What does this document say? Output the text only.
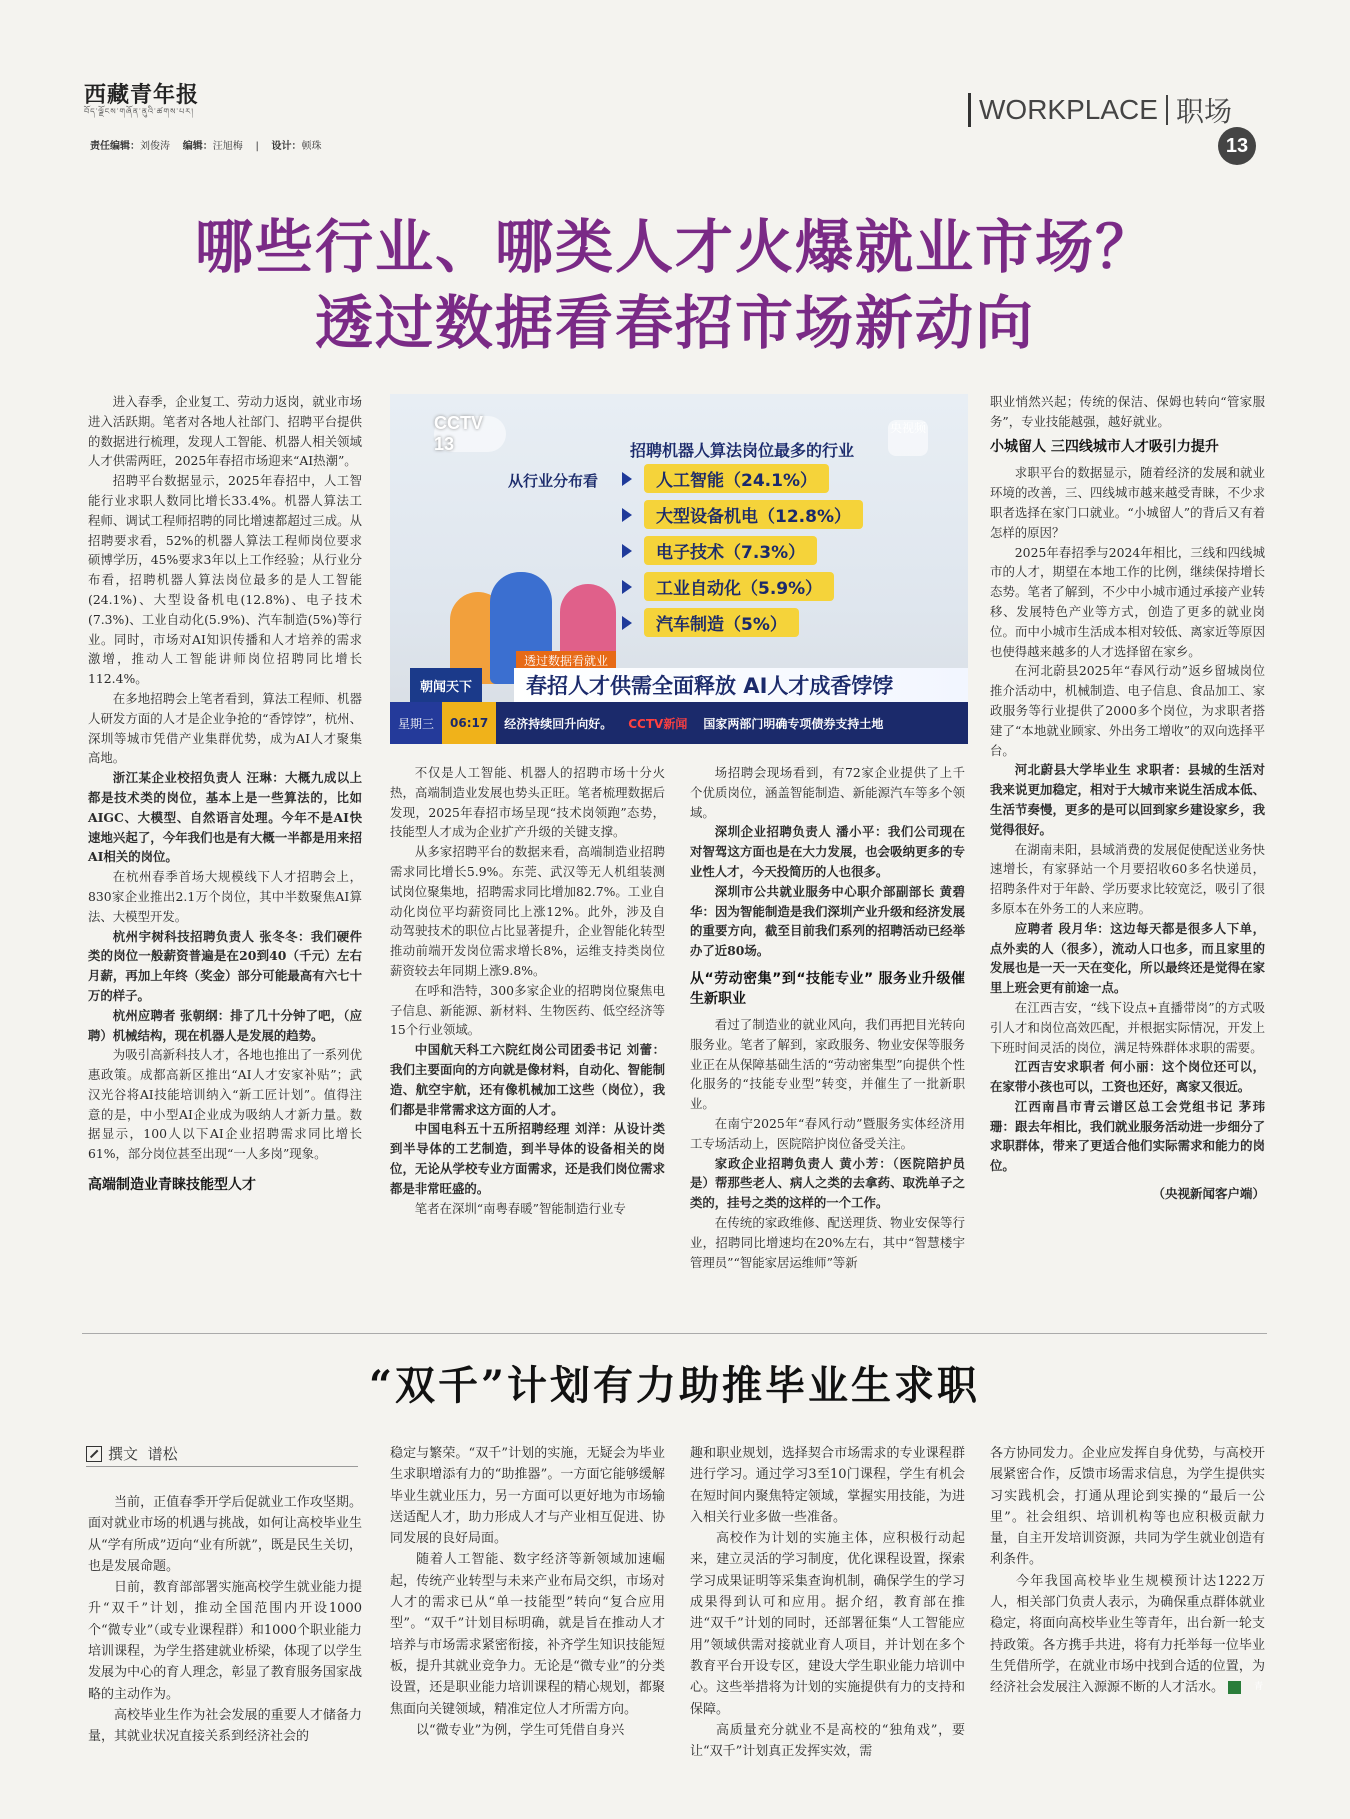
西藏青年报
བོད་ལྗོངས་གཞོན་ནུའི་ཚགས་པར།
责任编辑：刘俊涛 编辑：汪旭梅 | 设计：顿珠
WORKPLACE 职场
13
哪些行业、哪类人才火爆就业市场？
透过数据看春招市场新动向

进入春季，企业复工、劳动力返岗，就业市场进入活跃期。笔者对各地人社部门、招聘平台提供的数据进行梳理，发现人工智能、机器人相关领域人才供需两旺，2025年春招市场迎来“AI热潮”。

招聘平台数据显示，2025年春招中，人工智能行业求职人数同比增长33.4%。机器人算法工程师、调试工程师招聘的同比增速都超过三成。从招聘要求看，52%的机器人算法工程师岗位要求硕博学历，45%要求3年以上工作经验；从行业分布看，招聘机器人算法岗位最多的是人工智能(24.1%)、大型设备机电(12.8%)、电子技术(7.3%)、工业自动化(5.9%)、汽车制造(5%)等行业。同时，市场对AI知识传播和人才培养的需求激增，推动人工智能讲师岗位招聘同比增长112.4%。

在多地招聘会上笔者看到，算法工程师、机器人研发方面的人才是企业争抢的“香饽饽”，杭州、深圳等城市凭借产业集群优势，成为AI人才聚集高地。

浙江某企业校招负责人 汪琳：大概九成以上都是技术类的岗位，基本上是一些算法的，比如AIGC、大模型、自然语言处理。今年不是AI快速地兴起了，今年我们也是有大概一半都是用来招AI相关的岗位。

在杭州春季首场大规模线下人才招聘会上，830家企业推出2.1万个岗位，其中半数聚焦AI算法、大模型开发。

杭州宇树科技招聘负责人 张冬冬：我们硬件类的岗位一般薪资普遍是在20到40（千元）左右月薪，再加上年终（奖金）部分可能最高有六七十万的样子。

杭州应聘者 张朝纲：排了几十分钟了吧，（应聘）机械结构，现在机器人是发展的趋势。

为吸引高新科技人才，各地也推出了一系列优惠政策。成都高新区推出“AI人才安家补贴”；武汉光谷将AI技能培训纳入“新工匠计划”。值得注意的是，中小型AI企业成为吸纳人才新力量。数据显示，100人以下AI企业招聘需求同比增长61%，部分岗位甚至出现“一人多岗”现象。

高端制造业青睐技能型人才
CCTV 13
央视频
招聘机器人算法岗位最多的行业
从行业分布看	人工智能（24.1%）
大型设备机电（12.8%）
电子技术（7.3%）
工业自动化（5.9%）
汽车制造（5%）
透过数据看就业
朝闻天下	春招人才供需全面释放 AI人才成香饽饽
星期三	06:17	经济持续回升向好。	CCTV新闻	国家两部门明确专项债券支持土地

不仅是人工智能、机器人的招聘市场十分火热，高端制造业发展也势头正旺。笔者梳理数据后发现，2025年春招市场呈现“技术岗领跑”态势，技能型人才成为企业扩产升级的关键支撑。

从多家招聘平台的数据来看，高端制造业招聘需求同比增长5.9%。东莞、武汉等无人机组装测试岗位聚集地，招聘需求同比增加82.7%。工业自动化岗位平均薪资同比上涨12%。此外，涉及自动驾驶技术的职位占比显著提升，企业智能化转型推动前端开发岗位需求增长8%，运维支持类岗位薪资较去年同期上涨9.8%。

在呼和浩特，300多家企业的招聘岗位聚焦电子信息、新能源、新材料、生物医药、低空经济等15个行业领域。

中国航天科工六院红岗公司团委书记 刘蕾：我们主要面向的方向就是像材料，自动化、智能制造、航空宇航，还有像机械加工这些（岗位），我们都是非常需求这方面的人才。

中国电科五十五所招聘经理 刘洋：从设计类到半导体的工艺制造，到半导体的设备相关的岗位，无论从学校专业方面需求，还是我们岗位需求都是非常旺盛的。

笔者在深圳“南粤春暖”智能制造行业专

场招聘会现场看到，有72家企业提供了上千个优质岗位，涵盖智能制造、新能源汽车等多个领域。

深圳企业招聘负责人 潘小平：我们公司现在对智驾这方面也是在大力发展，也会吸纳更多的专业性人才，今天投简历的人也很多。

深圳市公共就业服务中心职介部副部长 黄碧华：因为智能制造是我们深圳产业升级和经济发展的重要方向，截至目前我们系列的招聘活动已经举办了近80场。

从“劳动密集”到“技能专业” 服务业升级催生新职业

看过了制造业的就业风向，我们再把目光转向服务业。笔者了解到，家政服务、物业安保等服务业正在从保障基础生活的“劳动密集型”向提供个性化服务的“技能专业型”转变，并催生了一批新职业。

在南宁2025年“春风行动”暨服务实体经济用工专场活动上，医院陪护岗位备受关注。

家政企业招聘负责人 黄小芳：（医院陪护员是）帮那些老人、病人之类的去拿药、取洗单子之类的，挂号之类的这样的一个工作。

在传统的家政维修、配送理货、物业安保等行业，招聘同比增速均在20%左右，其中“智慧楼宇管理员”“智能家居运维师”等新

职业悄然兴起；传统的保洁、保姆也转向“管家服务”，专业技能越强，越好就业。

小城留人 三四线城市人才吸引力提升

求职平台的数据显示，随着经济的发展和就业环境的改善，三、四线城市越来越受青睐，不少求职者选择在家门口就业。“小城留人”的背后又有着怎样的原因？

2025年春招季与2024年相比，三线和四线城市的人才，期望在本地工作的比例，继续保持增长态势。笔者了解到，不少中小城市通过承接产业转移、发展特色产业等方式，创造了更多的就业岗位。而中小城市生活成本相对较低、离家近等原因也使得越来越多的人才选择留在家乡。

在河北蔚县2025年“春风行动”返乡留城岗位推介活动中，机械制造、电子信息、食品加工、家政服务等行业提供了2000多个岗位，为求职者搭建了“本地就业顾家、外出务工增收”的双向选择平台。

河北蔚县大学毕业生 求职者：县城的生活对我来说更加稳定，相对于大城市来说生活成本低、生活节奏慢，更多的是可以回到家乡建设家乡，我觉得很好。

在湖南耒阳，县域消费的发展促使配送业务快速增长，有家驿站一个月要招收60多名快递员，招聘条件对于年龄、学历要求比较宽泛，吸引了很多原本在外务工的人来应聘。

应聘者 段月华：这边每天都是很多人下单，点外卖的人（很多），流动人口也多，而且家里的发展也是一天一天在变化，所以最终还是觉得在家里上班会更有前途一点。

在江西吉安，“线下设点+直播带岗”的方式吸引人才和岗位高效匹配，并根据实际情况，开发上下班时间灵活的岗位，满足特殊群体求职的需要。

江西吉安求职者 何小丽：这个岗位还可以，在家带小孩也可以，工资也还好，离家又很近。

江西南昌市青云谱区总工会党组书记 茅玮珊：跟去年相比，我们就业服务活动进一步细分了求职群体，带来了更适合他们实际需求和能力的岗位。

（央视新闻客户端）
“双千”计划有力助推毕业生求职
撰文
谱松

当前，正值春季开学后促就业工作攻坚期。面对就业市场的机遇与挑战，如何让高校毕业生从“学有所成”迈向“业有所就”，既是民生关切，也是发展命题。

日前，教育部部署实施高校学生就业能力提升“双千”计划，推动全国范围内开设1000个“微专业”（或专业课程群）和1000个职业能力培训课程，为学生搭建就业桥梁，体现了以学生发展为中心的育人理念，彰显了教育服务国家战略的主动作为。

高校毕业生作为社会发展的重要人才储备力量，其就业状况直接关系到经济社会的

稳定与繁荣。“双千”计划的实施，无疑会为毕业生求职增添有力的“助推器”。一方面它能够缓解毕业生就业压力，另一方面可以更好地为市场输送适配人才，助力形成人才与产业相互促进、协同发展的良好局面。

随着人工智能、数字经济等新领域加速崛起，传统产业转型与未来产业布局交织，市场对人才的需求已从“单一技能型”转向“复合应用型”。“双千”计划目标明确，就是旨在推动人才培养与市场需求紧密衔接，补齐学生知识技能短板，提升其就业竞争力。无论是“微专业”的分类设置，还是职业能力培训课程的精心规划，都聚焦面向关键领域，精准定位人才所需方向。

以“微专业”为例，学生可凭借自身兴

趣和职业规划，选择契合市场需求的专业课程群进行学习。通过学习3至10门课程，学生有机会在短时间内聚焦特定领域，掌握实用技能，为进入相关行业多做一些准备。

高校作为计划的实施主体，应积极行动起来，建立灵活的学习制度，优化课程设置，探索学习成果证明等采集查询机制，确保学生的学习成果得到认可和应用。据介绍，教育部在推进“双千”计划的同时，还部署征集“人工智能应用”领域供需对接就业育人项目，并计划在多个教育平台开设专区，建设大学生职业能力培训中心。这些举措将为计划的实施提供有力的支持和保障。

高质量充分就业不是高校的“独角戏”，要让“双千”计划真正发挥实效，需

各方协同发力。企业应发挥自身优势，与高校开展紧密合作，反馈市场需求信息，为学生提供实习实践机会，打通从理论到实操的“最后一公里”。社会组织、培训机构等也应积极贡献力量，自主开发培训资源，共同为学生就业创造有利条件。

今年我国高校毕业生规模预计达1222万人，相关部门负责人表示，为确保重点群体就业稳定，将面向高校毕业生等青年，出台新一轮支持政策。各方携手共进，将有力托举每一位毕业生凭借所学，在就业市场中找到合适的位置，为经济社会发展注入源源不断的人才活水。	青
